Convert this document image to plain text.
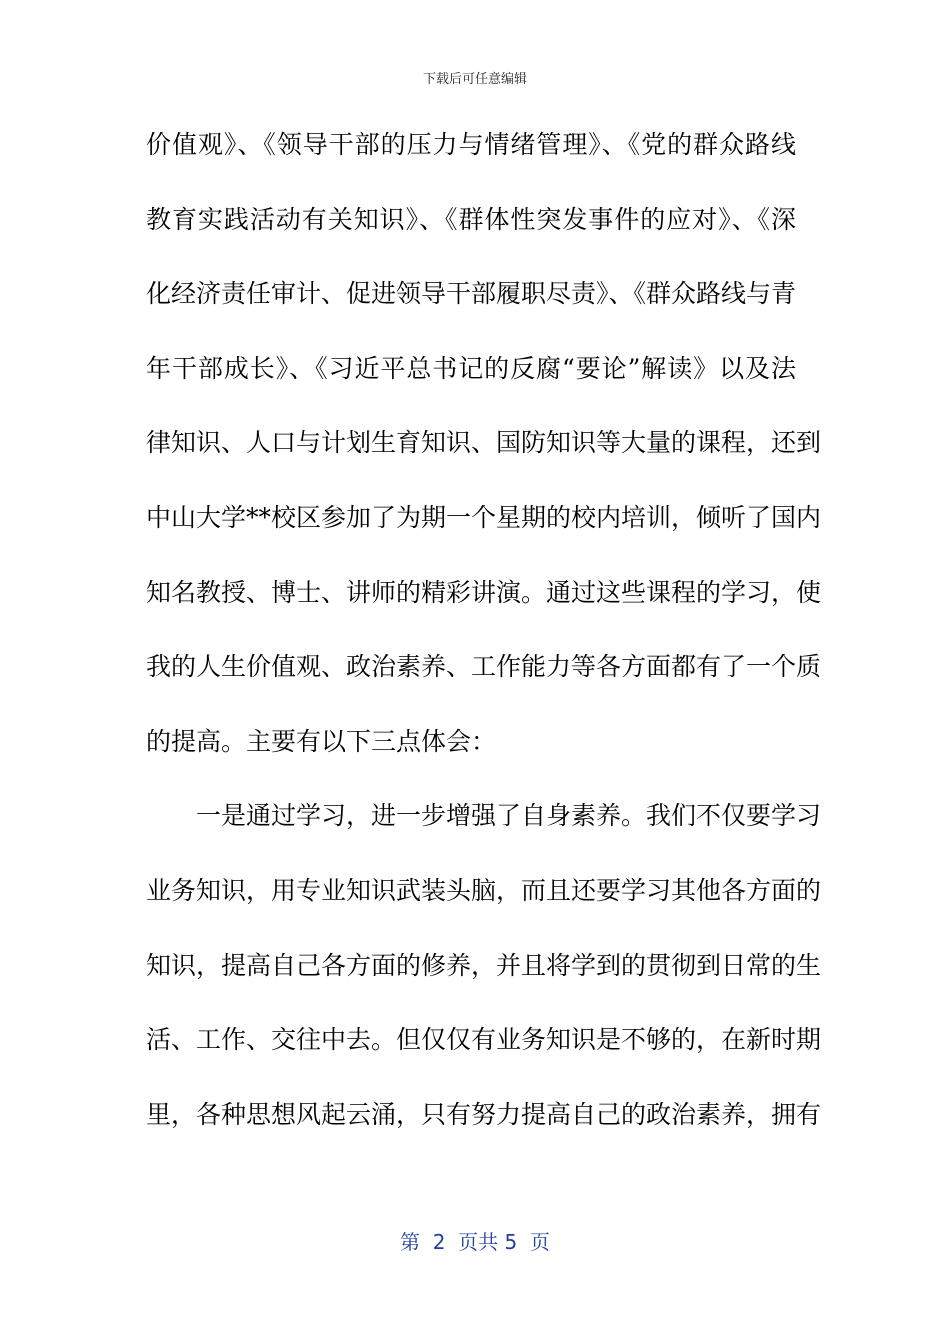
下载后可任意编辑
价值观》、《领导干部的压力与情绪管理》、《党的群众路线
教育实践活动有关知识》、《群体性突发事件的应对》、《深
化经济责任审计、促进领导干部履职尽责》、《群众路线与青
年干部成长》、《习近平总书记的反腐“要论”解读》以及法
律知识、人口与计划生育知识、国防知识等大量的课程，还到
中山大学**校区参加了为期一个星期的校内培训，倾听了国内
知名教授、博士、讲师的精彩讲演。通过这些课程的学习，使
我的人生价值观、政治素养、工作能力等各方面都有了一个质
的提高。主要有以下三点体会：
一是通过学习，进一步增强了自身素养。我们不仅要学习
业务知识，用专业知识武装头脑，而且还要学习其他各方面的
知识，提高自己各方面的修养，并且将学到的贯彻到日常的生
活、工作、交往中去。但仅仅有业务知识是不够的，在新时期
里，各种思想风起云涌，只有努力提高自己的政治素养，拥有
第  2  页共 5  页
